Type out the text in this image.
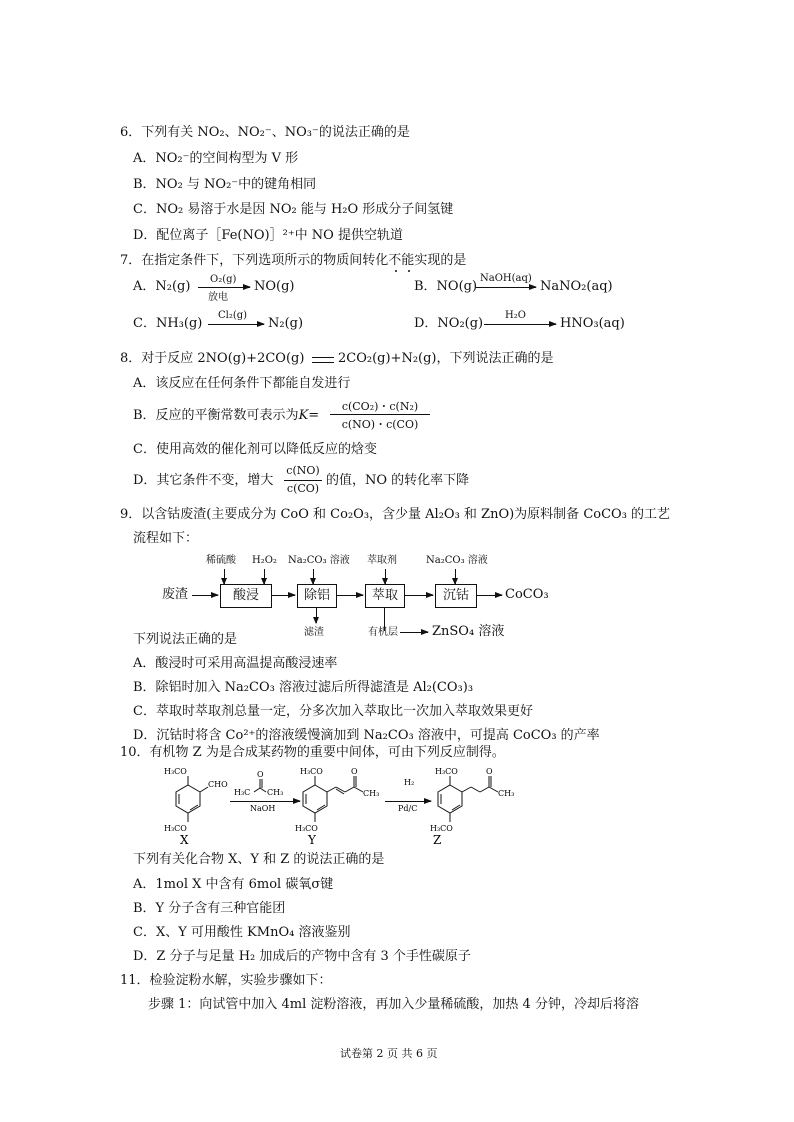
6．下列有关 NO₂、NO₂⁻、NO₃⁻的说法正确的是
A．NO₂⁻的空间构型为 V 形
B．NO₂ 与 NO₂⁻中的键角相同
C．NO₂ 易溶于水是因 NO₂ 能与 H₂O 形成分子间氢键
D．配位离子［Fe(NO)］²⁺中 NO 提供空轨道
7．在指定条件下，下列选项所示的物质间转化不能实现的是
A．N₂(g) O₂(g)
放电
NO(g)	B．NO(g)
NaOH(aq)
NaNO₂(aq)
C．NH₃(g)
Cl₂(g)
N₂(g)	D．NO₂(g)
H₂O
HNO₃(aq)
8．对于反应 2NO(g)+2CO(g)	2CO₂(g)+N₂(g)，下列说法正确的是
A．该反应在任何条件下都能自发进行
B．反应的平衡常数可表示为K=
c(CO₂)・c(N₂)
c(NO)・c(CO)
C．使用高效的催化剂可以降低反应的焓变
D．其它条件不变，增大
c(NO)
c(CO)
的值，NO 的转化率下降
9．以含钴废渣(主要成分为 CoO 和 Co₂O₃，含少量 Al₂O₃ 和 ZnO)为原料制备 CoCO₃ 的工艺
流程如下：
稀硫酸 H₂O₂ Na₂CO₃ 溶液 萃取剂	Na₂CO₃ 溶液
废渣	酸浸	除铝	萃取	沉钴	CoCO₃
滤渣	有机层	ZnSO₄ 溶液
下列说法正确的是
A．酸浸时可采用高温提高酸浸速率
B．除铝时加入 Na₂CO₃ 溶液过滤后所得滤渣是 Al₂(CO₃)₃
C．萃取时萃取剂总量一定，分多次加入萃取比一次加入萃取效果更好
D．沉钴时将含 Co²⁺的溶液缓慢滴加到 Na₂CO₃ 溶液中，可提高 CoCO₃ 的产率
10．有机物 Z 为是合成某药物的重要中间体，可由下列反应制得。
H₃CO
CHO
H₃CO
X
H₃C
O
CH₃
NaOH
H₃CO	O
CH₃
H₃CO
Y
H₂
Pd/C
H₃CO	O
CH₃
H₃CO
Z
下列有关化合物 X、Y 和 Z 的说法正确的是
A．1mol X 中含有 6mol 碳氧σ键
B．Y 分子含有三种官能团
C．X、Y 可用酸性 KMnO₄ 溶液鉴别
D．Z 分子与足量 H₂ 加成后的产物中含有 3 个手性碳原子
11．检验淀粉水解，实验步骤如下：
步骤 1：向试管中加入 4ml 淀粉溶液，再加入少量稀硫酸，加热 4 分钟，冷却后将溶
试卷第 2 页 共 6 页
